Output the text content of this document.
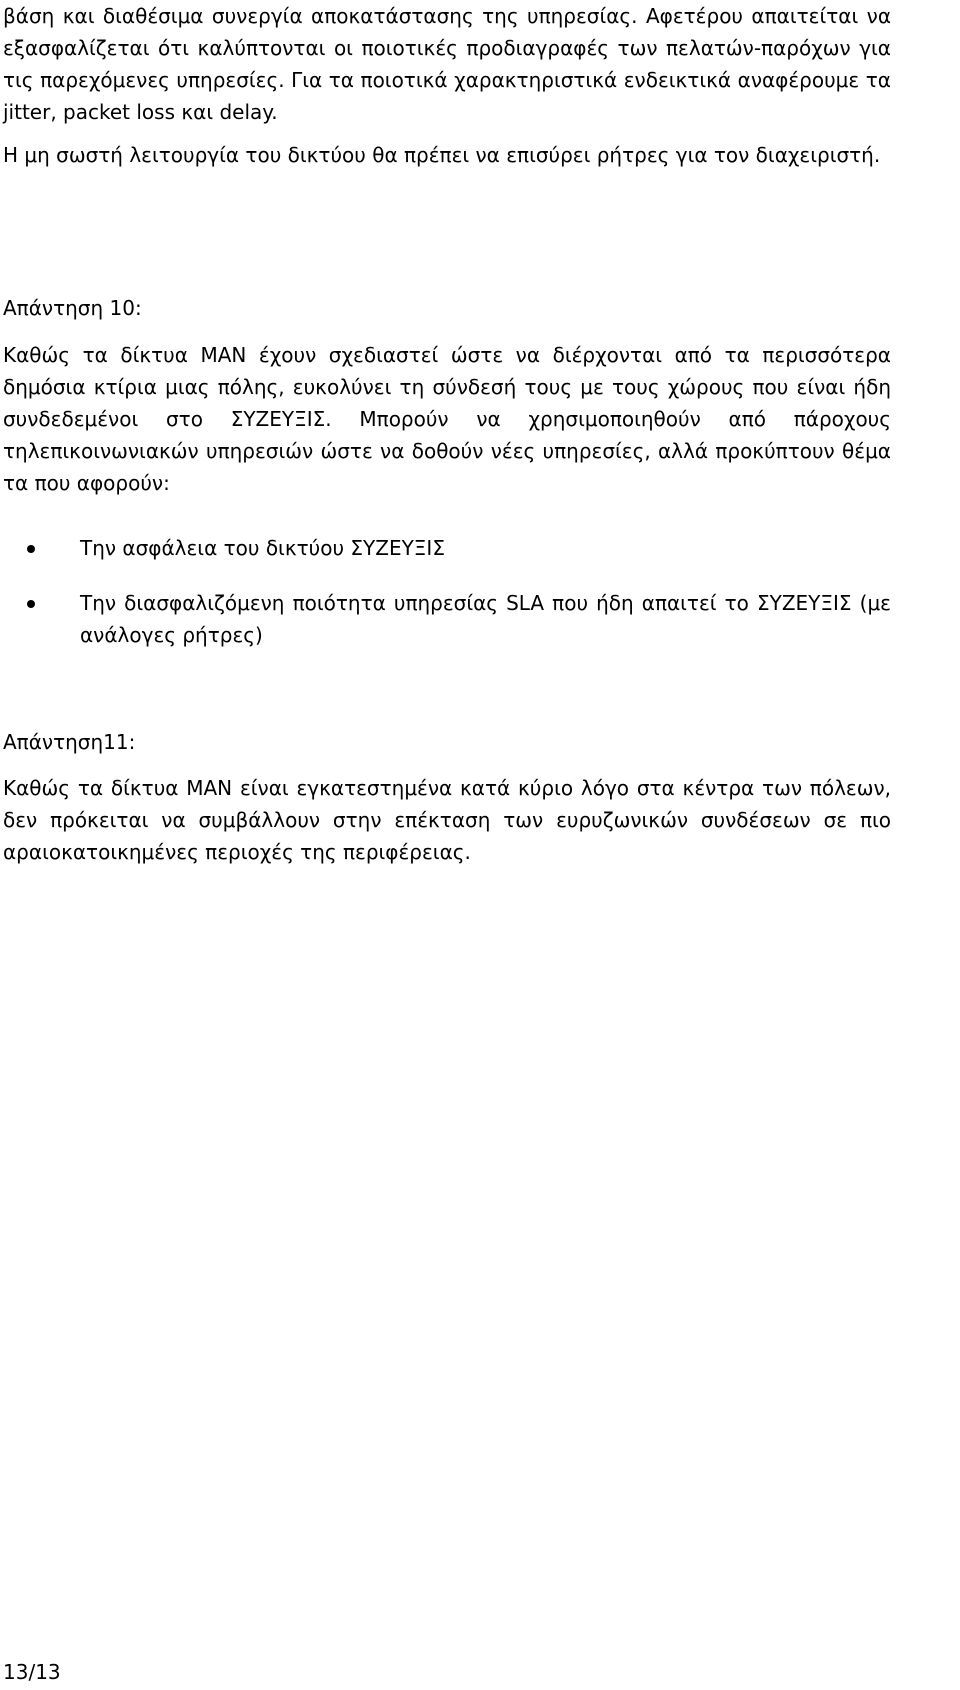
βάση και διαθέσιμα συνεργία αποκατάστασης της υπηρεσίας. Αφετέρου απαιτείται να εξασφαλίζεται ότι καλύπτονται οι ποιοτικές προδιαγραφές των πελατών-παρόχων για τις παρεχόμενες υπηρεσίες. Για τα ποιοτικά χαρακτηριστικά ενδεικτικά αναφέρουμε τα jitter, packet loss και delay.

Η μη σωστή λειτουργία του δικτύου θα πρέπει να επισύρει ρήτρες για τον διαχειριστή.

Απάντηση 10:

Καθώς τα δίκτυα MAN έχουν σχεδιαστεί ώστε να διέρχονται από τα περισσότερα δημόσια κτίρια μιας πόλης, ευκολύνει τη σύνδεσή τους με τους χώρους που είναι ήδη συνδεδεμένοι στο ΣΥΖΕΥΞΙΣ. Μπορούν να χρησιμοποιηθούν από πάροχους τηλεπικοινωνιακών υπηρεσιών ώστε να δοθούν νέες υπηρεσίες, αλλά προκύπτουν θέμα τα που αφορούν:

Την ασφάλεια του δικτύου ΣΥΖΕΥΞΙΣ
Την διασφαλιζόμενη ποιότητα υπηρεσίας SLA που ήδη απαιτεί το ΣΥΖΕΥΞΙΣ (με ανάλογες ρήτρες)

Απάντηση11:

Καθώς τα δίκτυα MAN είναι εγκατεστημένα κατά κύριο λόγο στα κέντρα των πόλεων, δεν πρόκειται να συμβάλλουν στην επέκταση των ευρυζωνικών συνδέσεων σε πιο αραιοκατοικημένες περιοχές της περιφέρειας.

13/13
